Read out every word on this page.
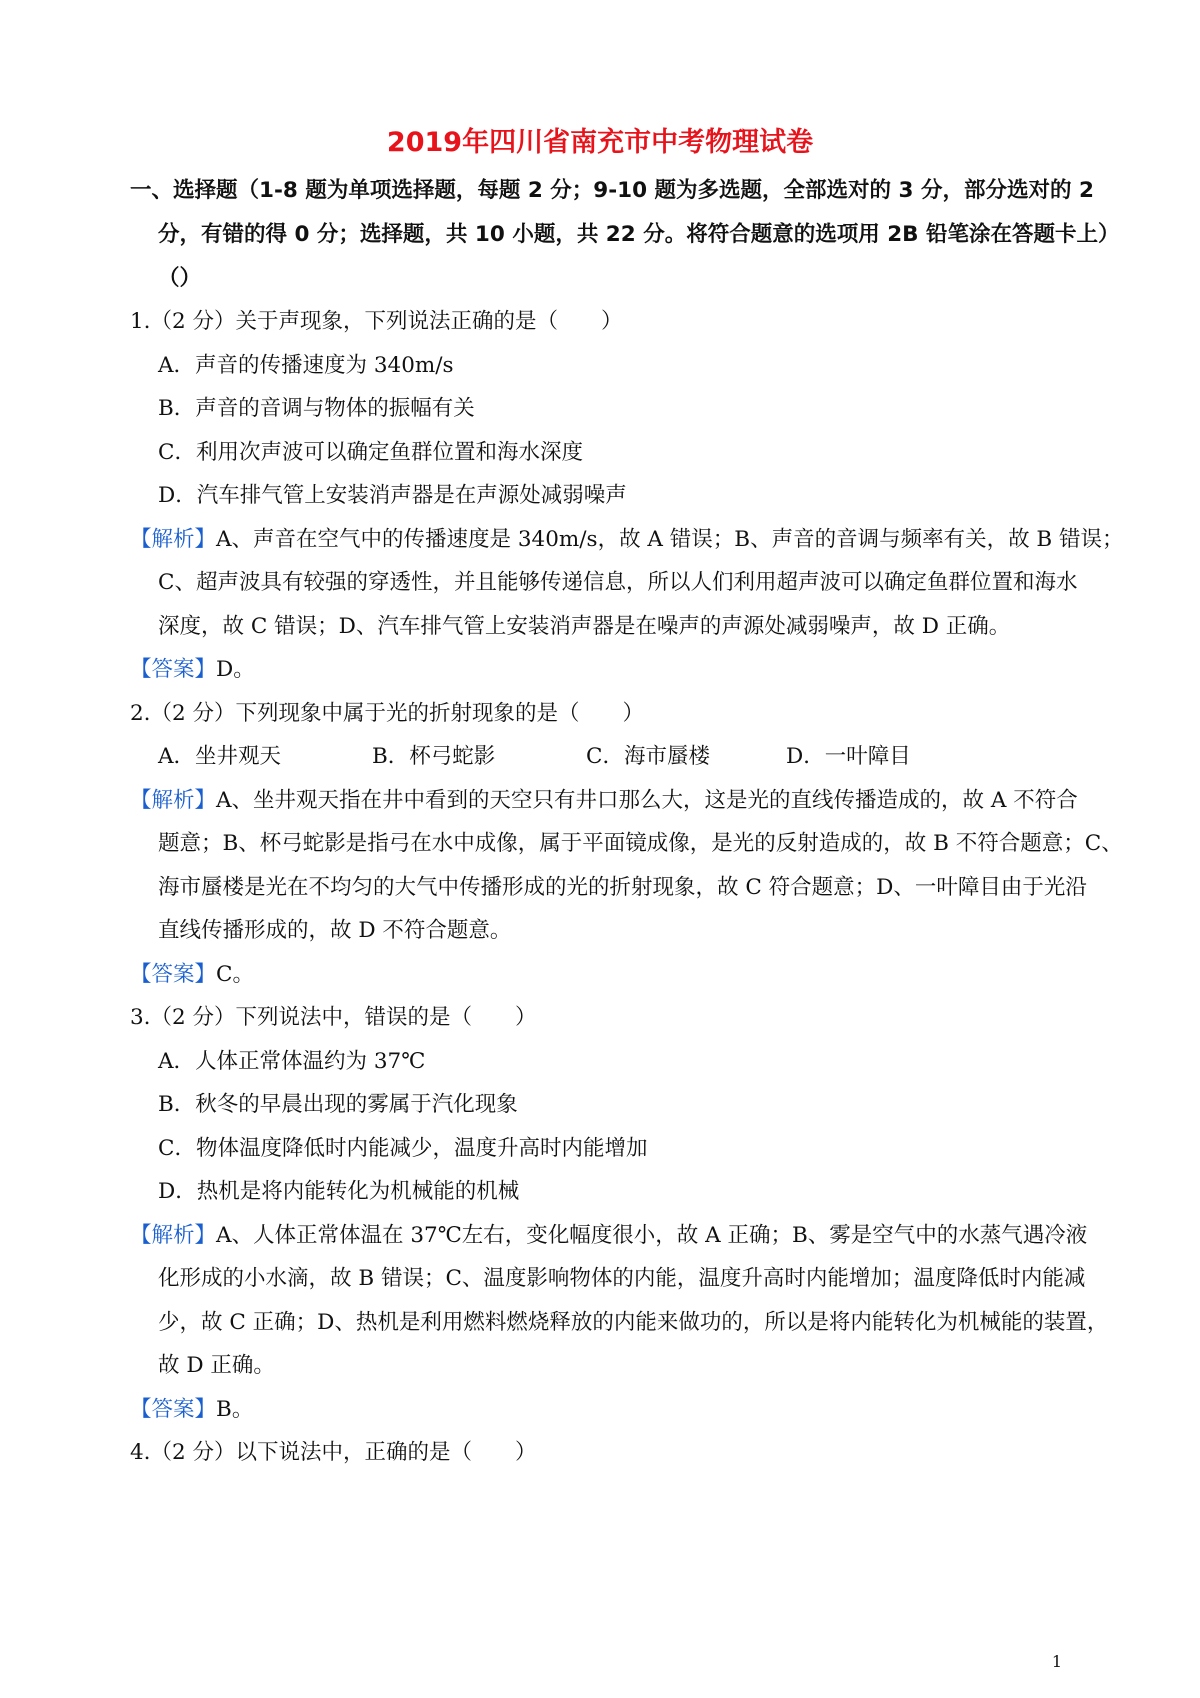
2019年四川省南充市中考物理试卷
一、选择题（1-8 题为单项选择题，每题 2 分；9-10 题为多选题，全部选对的 3 分，部分选对的 2
分，有错的得 0 分；选择题，共 10 小题，共 22 分。将符合题意的选项用 2B 铅笔涂在答题卡上）
（）
1.（2 分）关于声现象，下列说法正确的是（　　）
A．声音的传播速度为 340m/s
B．声音的音调与物体的振幅有关
C．利用次声波可以确定鱼群位置和海水深度
D．汽车排气管上安装消声器是在声源处减弱噪声
【解析】A、声音在空气中的传播速度是 340m/s，故 A 错误；B、声音的音调与频率有关，故 B 错误；
C、超声波具有较强的穿透性，并且能够传递信息，所以人们利用超声波可以确定鱼群位置和海水
深度，故 C 错误；D、汽车排气管上安装消声器是在噪声的声源处减弱噪声，故 D 正确。
【答案】D。
2.（2 分）下列现象中属于光的折射现象的是（　　）
A．坐井观天	B．杯弓蛇影	C．海市蜃楼	D．一叶障目
【解析】A、坐井观天指在井中看到的天空只有井口那么大，这是光的直线传播造成的，故 A 不符合
题意；B、杯弓蛇影是指弓在水中成像，属于平面镜成像，是光的反射造成的，故 B 不符合题意；C、
海市蜃楼是光在不均匀的大气中传播形成的光的折射现象，故 C 符合题意；D、一叶障目由于光沿
直线传播形成的，故 D 不符合题意。
【答案】C。
3.（2 分）下列说法中，错误的是（　　）
A．人体正常体温约为 37℃
B．秋冬的早晨出现的雾属于汽化现象
C．物体温度降低时内能减少，温度升高时内能增加
D．热机是将内能转化为机械能的机械
【解析】A、人体正常体温在 37℃左右，变化幅度很小，故 A 正确；B、雾是空气中的水蒸气遇冷液
化形成的小水滴，故 B 错误；C、温度影响物体的内能，温度升高时内能增加；温度降低时内能减
少，故 C 正确；D、热机是利用燃料燃烧释放的内能来做功的，所以是将内能转化为机械能的装置，
故 D 正确。
【答案】B。
4.（2 分）以下说法中，正确的是（　　）
1
